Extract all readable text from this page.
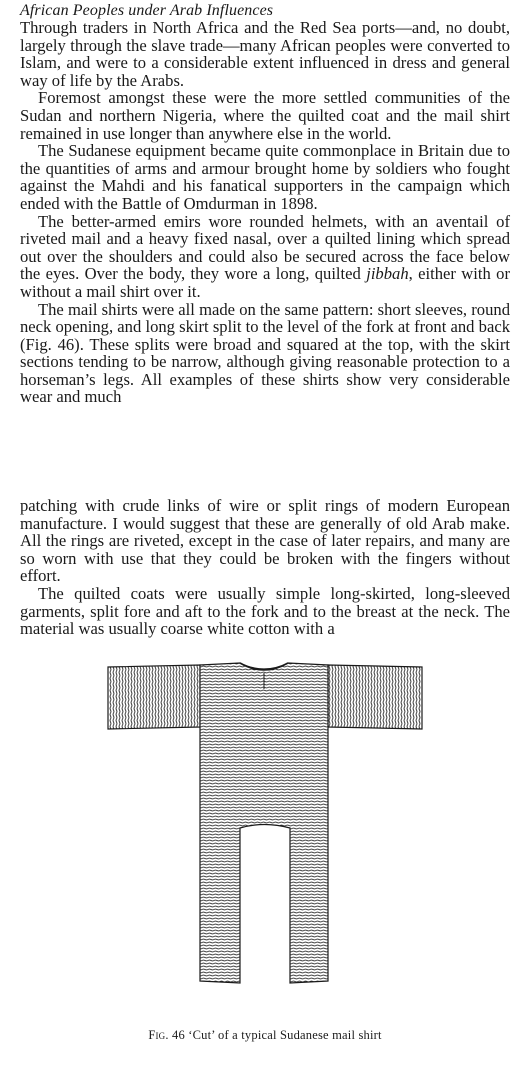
African Peoples under Arab Influences

Through traders in North Africa and the Red Sea ports—and, no doubt, largely through the slave trade—many African peoples were converted to Islam, and were to a considerable extent influenced in dress and general way of life by the Arabs.

Foremost amongst these were the more settled communities of the Sudan and northern Nigeria, where the quilted coat and the mail shirt remained in use longer than anywhere else in the world.

The Sudanese equipment became quite commonplace in Britain due to the quantities of arms and armour brought home by soldiers who fought against the Mahdi and his fanatical supporters in the campaign which ended with the Battle of Omdurman in 1898.

The better-armed emirs wore rounded helmets, with an aventail of riveted mail and a heavy fixed nasal, over a quilted lining which spread out over the shoulders and could also be secured across the face below the eyes. Over the body, they wore a long, quilted jibbah, either with or without a mail shirt over it.

The mail shirts were all made on the same pattern: short sleeves, round neck opening, and long skirt split to the level of the fork at front and back (Fig. 46). These splits were broad and squared at the top, with the skirt sections tending to be narrow, although giving reasonable protection to a horseman’s legs. All examples of these shirts show very considerable wear and much

patching with crude links of wire or split rings of modern European manufacture. I would suggest that these are generally of old Arab make. All the rings are riveted, except in the case of later repairs, and many are so worn with use that they could be broken with the fingers without effort.

The quilted coats were usually simple long-skirted, long-sleeved garments, split fore and aft to the fork and to the breast at the neck. The material was usually coarse white cotton with a

Fig. 46 ‘Cut’ of a typical Sudanese mail shirt
